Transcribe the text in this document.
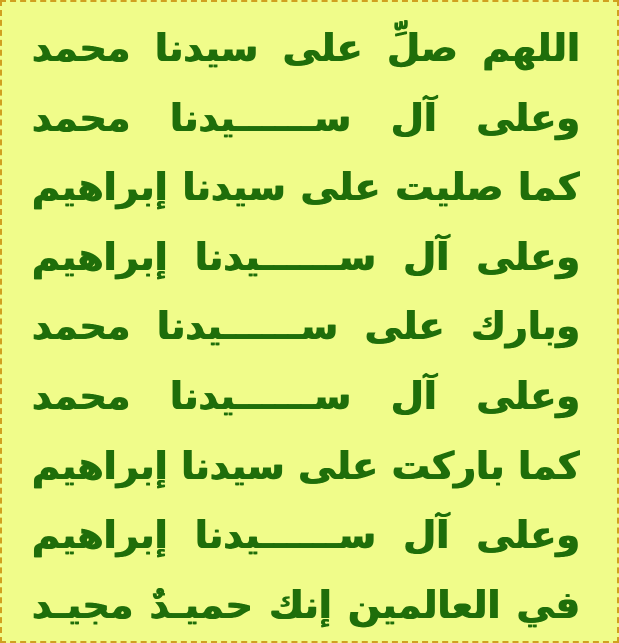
اللهم صلِّ على سيدنا محمد
وعلى آل ســــــيدنا محمد
كما صليت على سيدنا إبراهيم
وعلى آل ســــــيدنا إبراهيم
وبارك على ســــــيدنا محمد
وعلى آل ســــــيدنا محمد
كما باركت على سيدنا إبراهيم
وعلى آل ســــــيدنا إبراهيم
في العالمين إنك حميـدٌ مجيـد
